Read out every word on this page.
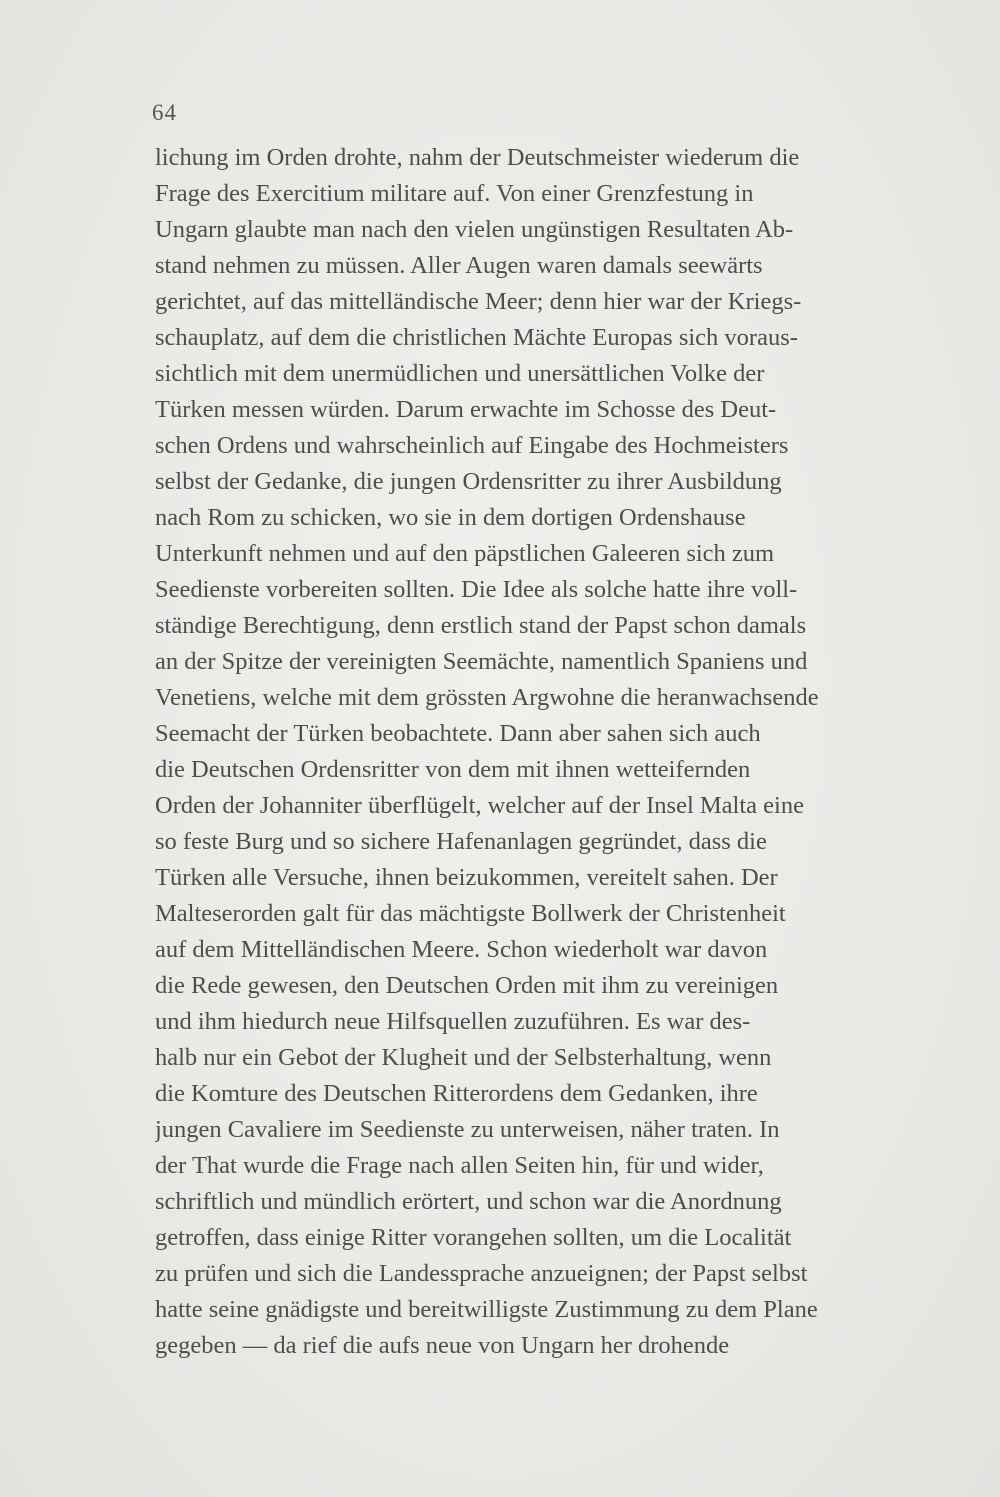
64
lichung im Orden drohte, nahm der Deutschmeister wiederum die
Frage des Exercitium militare auf. Von einer Grenzfestung in
Ungarn glaubte man nach den vielen ungünstigen Resultaten Ab-
stand nehmen zu müssen. Aller Augen waren damals seewärts
gerichtet, auf das mittelländische Meer; denn hier war der Kriegs-
schauplatz, auf dem die christlichen Mächte Europas sich voraus-
sichtlich mit dem unermüdlichen und unersättlichen Volke der
Türken messen würden. Darum erwachte im Schosse des Deut-
schen Ordens und wahrscheinlich auf Eingabe des Hochmeisters
selbst der Gedanke, die jungen Ordensritter zu ihrer Ausbildung
nach Rom zu schicken, wo sie in dem dortigen Ordenshause
Unterkunft nehmen und auf den päpstlichen Galeeren sich zum
Seedienste vorbereiten sollten. Die Idee als solche hatte ihre voll-
ständige Berechtigung, denn erstlich stand der Papst schon damals
an der Spitze der vereinigten Seemächte, namentlich Spaniens und
Venetiens, welche mit dem grössten Argwohne die heranwachsende
Seemacht der Türken beobachtete. Dann aber sahen sich auch
die Deutschen Ordensritter von dem mit ihnen wetteifernden
Orden der Johanniter überflügelt, welcher auf der Insel Malta eine
so feste Burg und so sichere Hafenanlagen gegründet, dass die
Türken alle Versuche, ihnen beizukommen, vereitelt sahen. Der
Malteserorden galt für das mächtigste Bollwerk der Christenheit
auf dem Mittelländischen Meere. Schon wiederholt war davon
die Rede gewesen, den Deutschen Orden mit ihm zu vereinigen
und ihm hiedurch neue Hilfsquellen zuzuführen. Es war des-
halb nur ein Gebot der Klugheit und der Selbsterhaltung, wenn
die Komture des Deutschen Ritterordens dem Gedanken, ihre
jungen Cavaliere im Seedienste zu unterweisen, näher traten. In
der That wurde die Frage nach allen Seiten hin, für und wider,
schriftlich und mündlich erörtert, und schon war die Anordnung
getroffen, dass einige Ritter vorangehen sollten, um die Localität
zu prüfen und sich die Landessprache anzueignen; der Papst selbst
hatte seine gnädigste und bereitwilligste Zustimmung zu dem Plane
gegeben — da rief die aufs neue von Ungarn her drohende
